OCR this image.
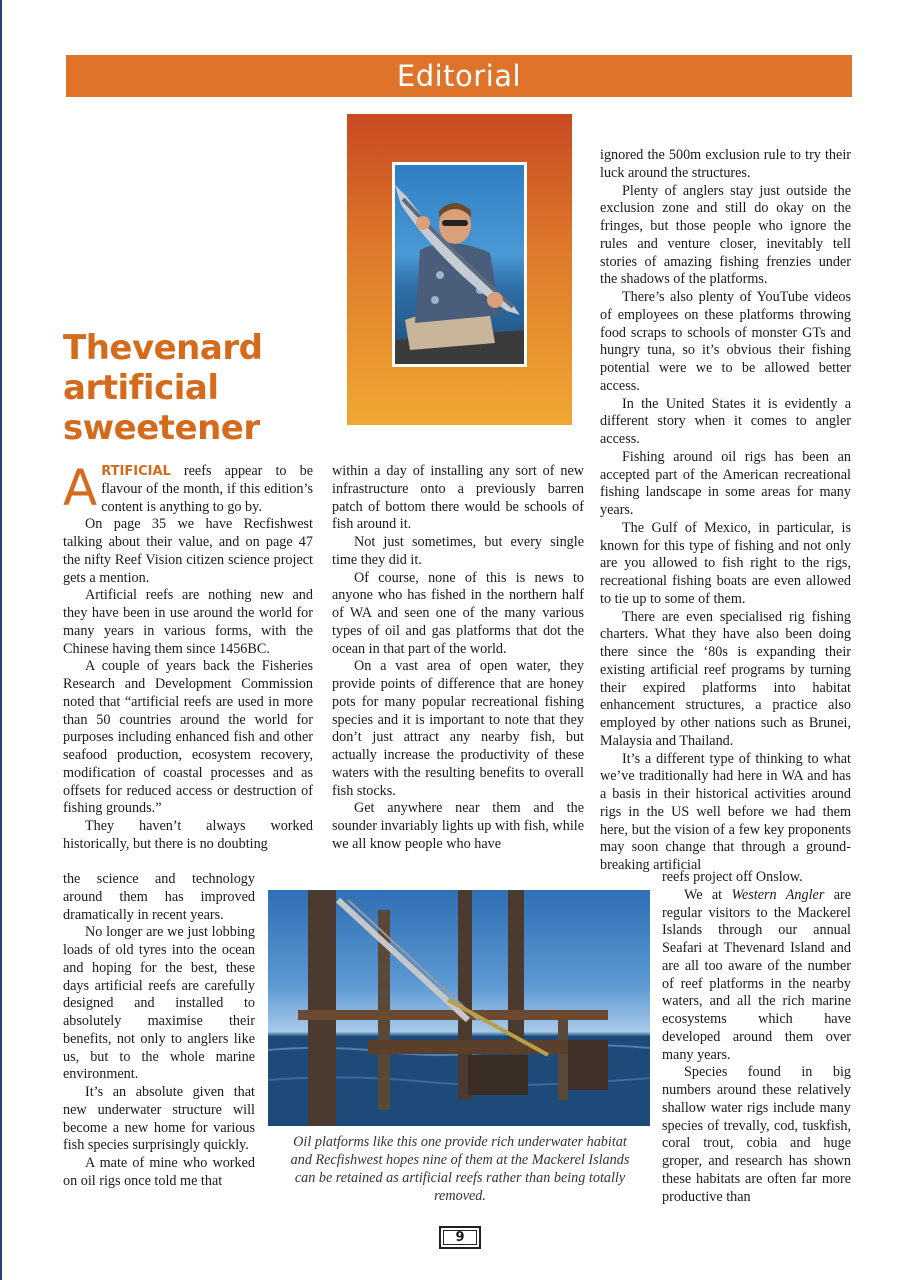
Editorial
Thevenard
artificial
sweetener

ARTIFICIAL reefs appear to be flavour of the month, if this edition’s content is anything to go by.

On page 35 we have Recfishwest talking about their value, and on page 47 the nifty Reef Vision citizen science project gets a mention.

Artificial reefs are nothing new and they have been in use around the world for many years in various forms, with the Chinese having them since 1456BC.

A couple of years back the Fisheries Research and Development Commission noted that “artificial reefs are used in more than 50 countries around the world for purposes including enhanced fish and other seafood production, ecosystem recovery, modification of coastal processes and as offsets for reduced access or destruction of fishing grounds.”

They haven’t always worked historically, but there is no doubting

the science and technology around them has improved dramatically in recent years.

No longer are we just lobbing loads of old tyres into the ocean and hoping for the best, these days artificial reefs are carefully designed and installed to absolutely maximise their benefits, not only to anglers like us, but to the whole marine environment.

It’s an absolute given that new underwater structure will become a new home for various fish species surprisingly quickly.

A mate of mine who worked on oil rigs once told me that

within a day of installing any sort of new infrastructure onto a previously barren patch of bottom there would be schools of fish around it.

Not just sometimes, but every single time they did it.

Of course, none of this is news to anyone who has fished in the northern half of WA and seen one of the many various types of oil and gas platforms that dot the ocean in that part of the world.

On a vast area of open water, they provide points of difference that are honey pots for many popular recreational fishing species and it is important to note that they don’t just attract any nearby fish, but actually increase the productivity of these waters with the resulting benefits to overall fish stocks.

Get anywhere near them and the sounder invariably lights up with fish, while we all know people who have

ignored the 500m exclusion rule to try their luck around the structures.

Plenty of anglers stay just outside the exclusion zone and still do okay on the fringes, but those people who ignore the rules and venture closer, inevitably tell stories of amazing fishing frenzies under the shadows of the platforms.

There’s also plenty of YouTube videos of employees on these platforms throwing food scraps to schools of monster GTs and hungry tuna, so it’s obvious their fishing potential were we to be allowed better access.

In the United States it is evidently a different story when it comes to angler access.

Fishing around oil rigs has been an accepted part of the American recreational fishing landscape in some areas for many years.

The Gulf of Mexico, in particular, is known for this type of fishing and not only are you allowed to fish right to the rigs, recreational fishing boats are even allowed to tie up to some of them.

There are even specialised rig fishing charters. What they have also been doing there since the ‘80s is expanding their existing artificial reef programs by turning their expired platforms into habitat enhancement structures, a practice also employed by other nations such as Brunei, Malaysia and Thailand.

It’s a different type of thinking to what we’ve traditionally had here in WA and has a basis in their historical activities around rigs in the US well before we had them here, but the vision of a few key proponents may soon change that through a ground-breaking artificial

reefs project off Onslow.

We at Western Angler are regular visitors to the Mackerel Islands through our annual Seafari at Thevenard Island and are all too aware of the number of reef platforms in the nearby waters, and all the rich marine ecosystems which have developed around them over many years.

Species found in big numbers around these relatively shallow water rigs include many species of trevally, cod, tuskfish, coral trout, cobia and huge groper, and research has shown these habitats are often far more productive than

Oil platforms like this one provide rich underwater habitat and Recfishwest hopes nine of them at the Mackerel Islands can be retained as artificial reefs rather than being totally removed.
9
